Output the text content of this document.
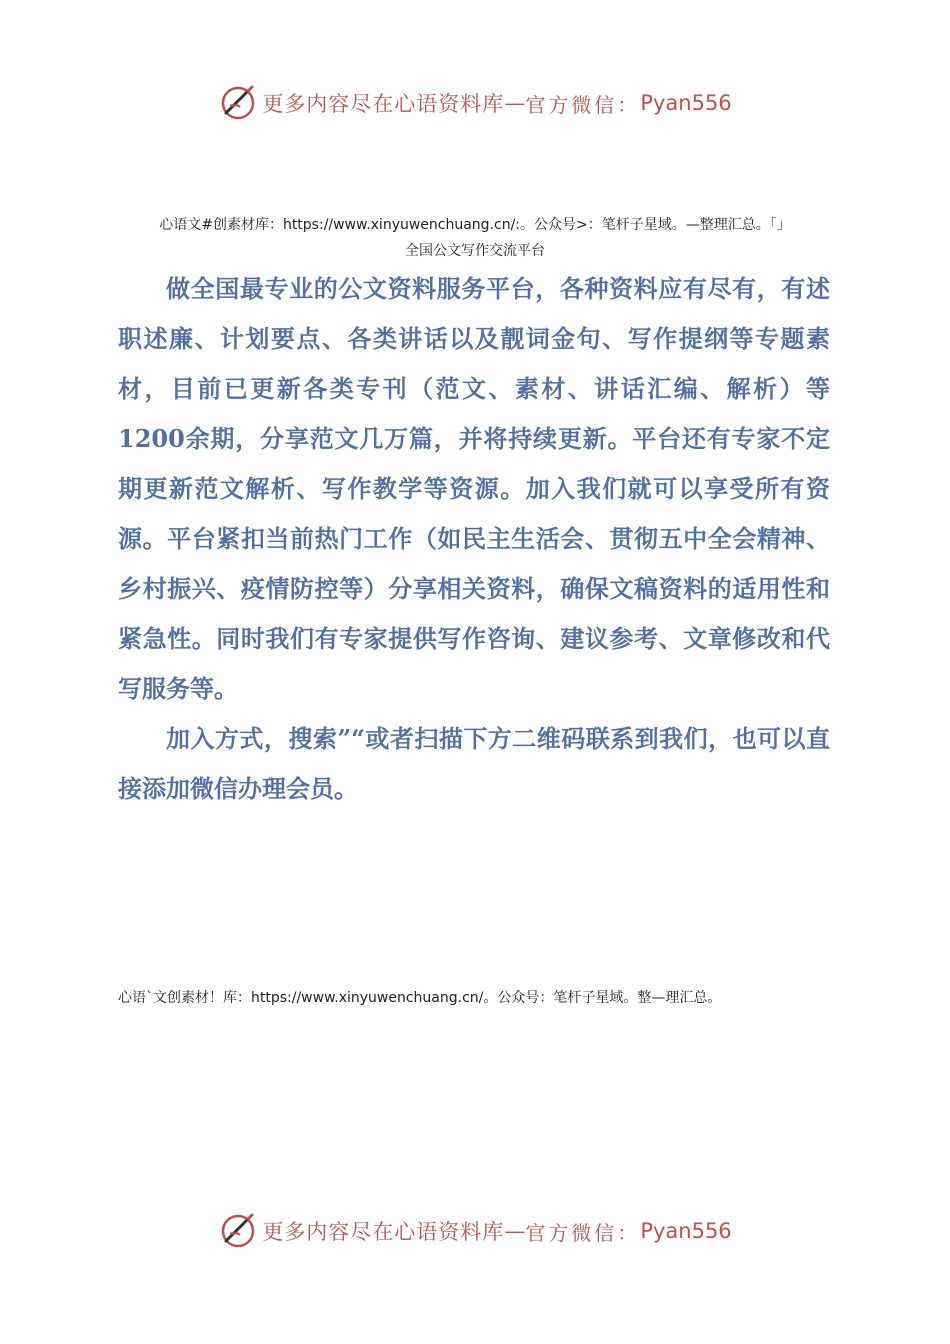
更多内容尽在心语资料库 — 官方微信： Pyan556
心语文#创素材库：https://www.xinyuwenchuang.cn/:。公众号>：笔杆子星域。—整理汇总。「」
全国公文写作交流平台

做全国最专业的公文资料服务平台，各种资料应有尽有，有述职述廉、计划要点、各类讲话以及靓词金句、写作提纲等专题素材，目前已更新各类专刊（范文、素材、讲话汇编、解析）等1200余期，分享范文几万篇，并将持续更新。平台还有专家不定期更新范文解析、写作教学等资源。加入我们就可以享受所有资源。平台紧扣当前热门工作（如民主生活会、贯彻五中全会精神、乡村振兴、疫情防控等）分享相关资料，确保文稿资料的适用性和紧急性。同时我们有专家提供写作咨询、建议参考、文章修改和代写服务等。

加入方式，搜索”“或者扫描下方二维码联系到我们，也可以直接添加微信办理会员。

心语`文创素材！库：https://www.xinyuwenchuang.cn/。公众号：笔杆子星域。整—理汇总。
更多内容尽在心语资料库 — 官方微信： Pyan556
